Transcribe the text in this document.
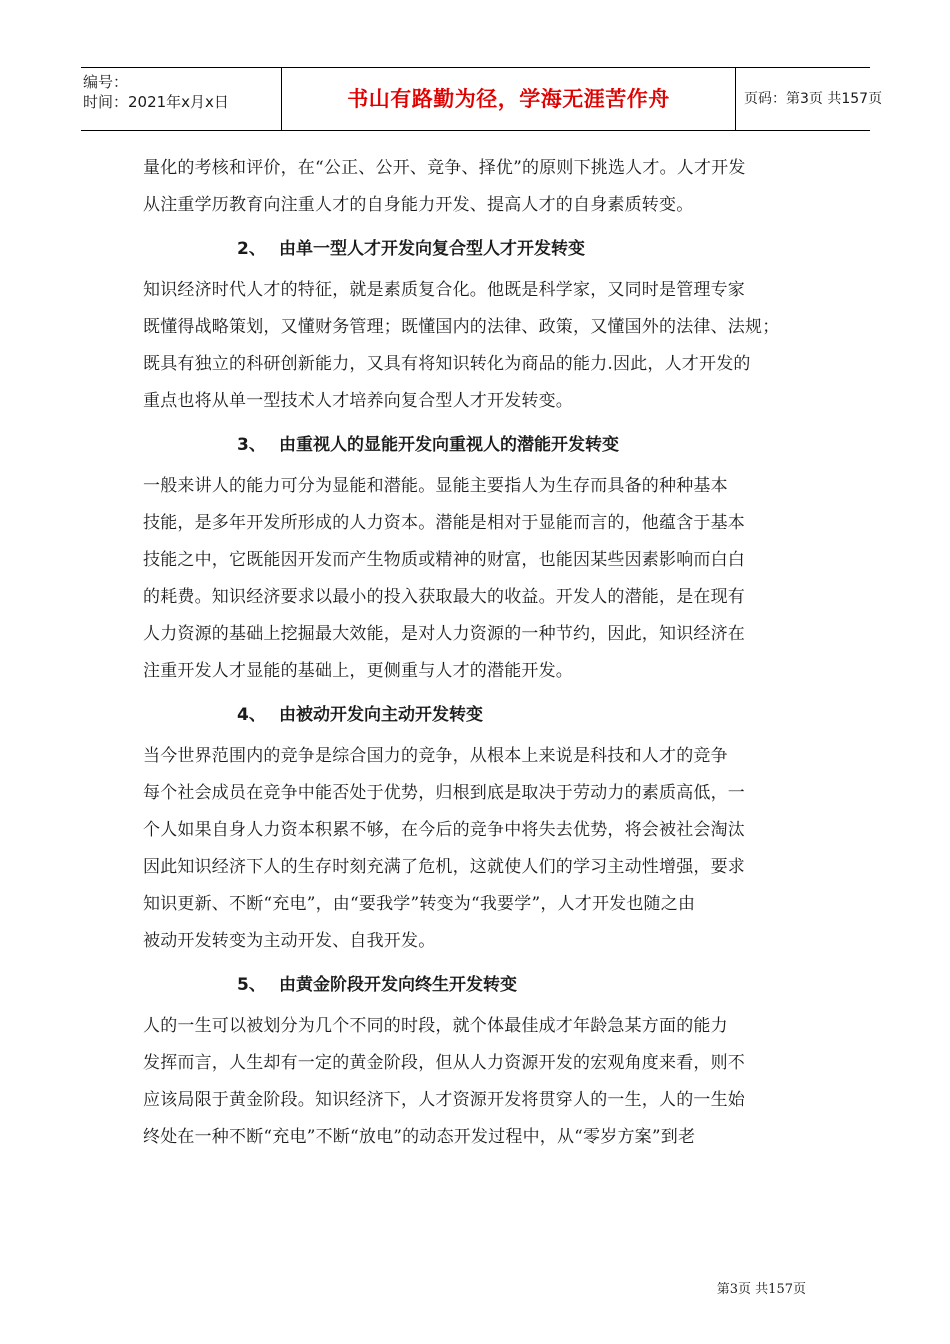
编号：
时间：2021年x月x日	书山有路勤为径，学海无涯苦作舟	页码：第3页 共157页
量化的考核和评价，在“公正、公开、竞争、择优”的原则下挑选人才。人才开发
从注重学历教育向注重人才的自身能力开发、提高人才的自身素质转变。
2、 由单一型人才开发向复合型人才开发转变
知识经济时代人才的特征，就是素质复合化。他既是科学家，又同时是管理专家
既懂得战略策划，又懂财务管理；既懂国内的法律、政策，又懂国外的法律、法规；
既具有独立的科研创新能力，又具有将知识转化为商品的能力.因此，人才开发的
重点也将从单一型技术人才培养向复合型人才开发转变。
3、 由重视人的显能开发向重视人的潜能开发转变
一般来讲人的能力可分为显能和潜能。显能主要指人为生存而具备的种种基本
技能，是多年开发所形成的人力资本。潜能是相对于显能而言的，他蕴含于基本
技能之中，它既能因开发而产生物质或精神的财富，也能因某些因素影响而白白
的耗费。知识经济要求以最小的投入获取最大的收益。开发人的潜能，是在现有
人力资源的基础上挖掘最大效能，是对人力资源的一种节约，因此，知识经济在
注重开发人才显能的基础上，更侧重与人才的潜能开发。
4、 由被动开发向主动开发转变
当今世界范围内的竞争是综合国力的竞争，从根本上来说是科技和人才的竞争
每个社会成员在竞争中能否处于优势，归根到底是取决于劳动力的素质高低，一
个人如果自身人力资本积累不够，在今后的竞争中将失去优势，将会被社会淘汰
因此知识经济下人的生存时刻充满了危机，这就使人们的学习主动性增强，要求
知识更新、不断“充电”，由“要我学”转变为“我要学”，人才开发也随之由
被动开发转变为主动开发、自我开发。
5、 由黄金阶段开发向终生开发转变
人的一生可以被划分为几个不同的时段，就个体最佳成才年龄急某方面的能力
发挥而言，人生却有一定的黄金阶段，但从人力资源开发的宏观角度来看，则不
应该局限于黄金阶段。知识经济下，人才资源开发将贯穿人的一生，人的一生始
终处在一种不断“充电”不断“放电”的动态开发过程中，从“零岁方案”到老
第3页 共157页
